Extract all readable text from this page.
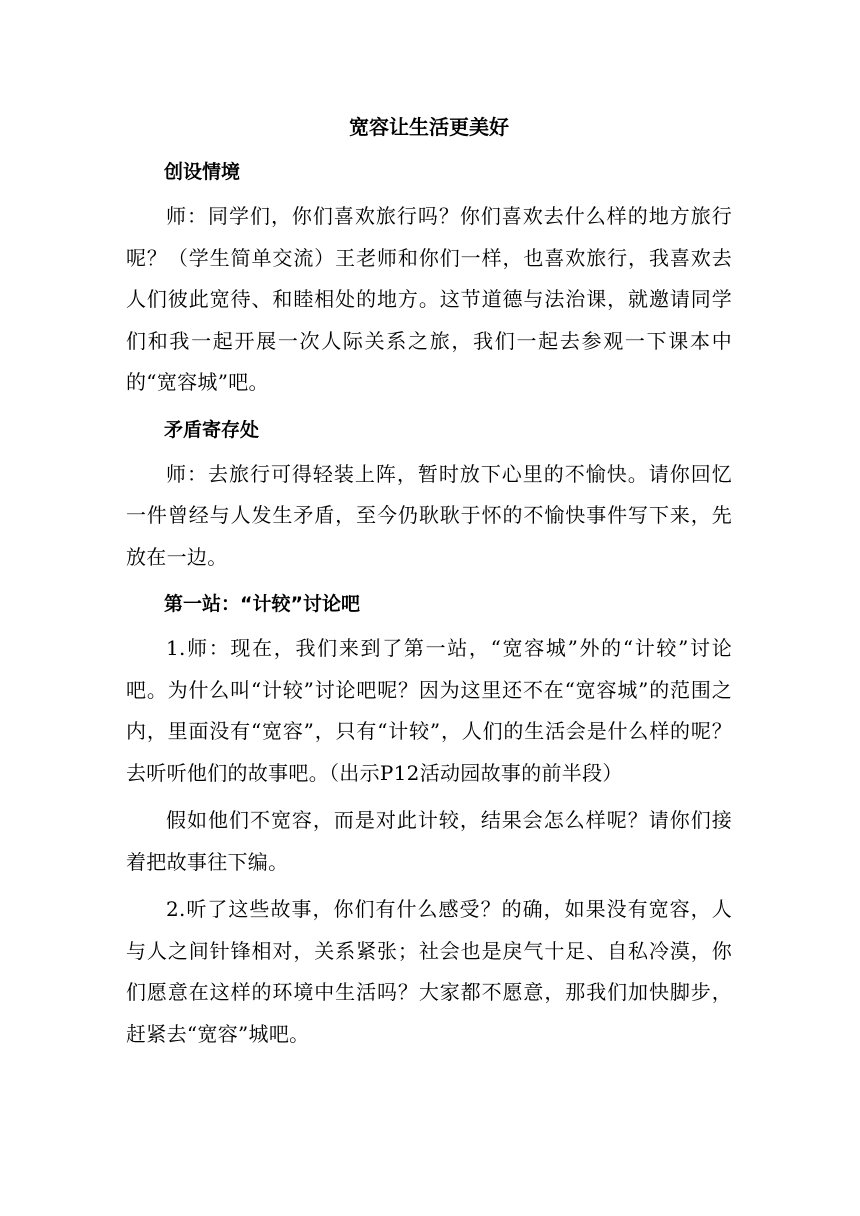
宽容让生活更美好
创设情境

师：同学们，你们喜欢旅行吗？你们喜欢去什么样的地方旅行呢？（学生简单交流）王老师和你们一样，也喜欢旅行，我喜欢去人们彼此宽待、和睦相处的地方。这节道德与法治课，就邀请同学们和我一起开展一次人际关系之旅，我们一起去参观一下课本中的“宽容城”吧。

矛盾寄存处

师：去旅行可得轻装上阵，暂时放下心里的不愉快。请你回忆一件曾经与人发生矛盾，至今仍耿耿于怀的不愉快事件写下来，先放在一边。

第一站：“计较”讨论吧

1.师：现在，我们来到了第一站，“宽容城”外的“计较”讨论吧。为什么叫“计较”讨论吧呢？因为这里还不在“宽容城”的范围之内，里面没有“宽容”，只有“计较”，人们的生活会是什么样的呢？去听听他们的故事吧。（出示P12活动园故事的前半段）

假如他们不宽容，而是对此计较，结果会怎么样呢？请你们接着把故事往下编。

2.听了这些故事，你们有什么感受？的确，如果没有宽容，人与人之间针锋相对，关系紧张；社会也是戾气十足、自私冷漠，你们愿意在这样的环境中生活吗？大家都不愿意，那我们加快脚步，赶紧去“宽容”城吧。
